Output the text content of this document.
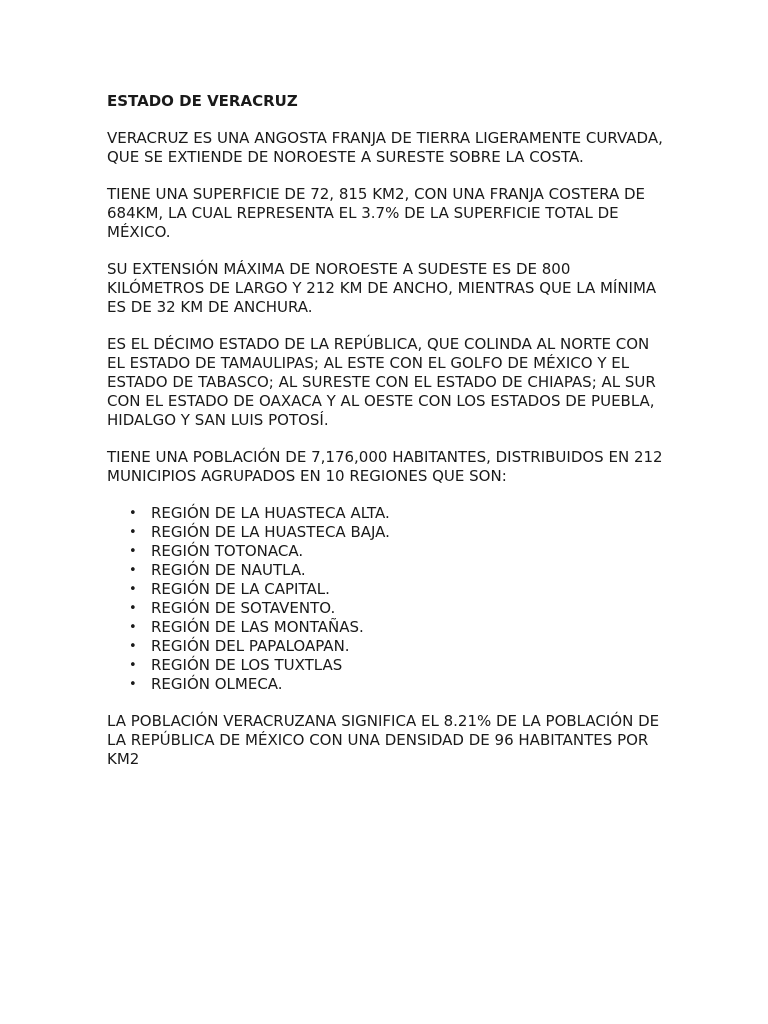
ESTADO DE VERACRUZ

VERACRUZ ES UNA ANGOSTA FRANJA DE TIERRA LIGERAMENTE CURVADA, QUE SE EXTIENDE DE NOROESTE A SURESTE SOBRE LA COSTA.

TIENE UNA SUPERFICIE DE 72, 815 KM2, CON UNA FRANJA COSTERA DE 684KM, LA CUAL REPRESENTA EL 3.7% DE LA SUPERFICIE TOTAL DE MÉXICO.

SU EXTENSIÓN MÁXIMA DE NOROESTE A SUDESTE ES DE 800 KILÓMETROS DE LARGO Y 212 KM DE ANCHO, MIENTRAS QUE LA MÍNIMA ES DE 32 KM DE ANCHURA.

ES EL DÉCIMO ESTADO DE LA REPÚBLICA, QUE COLINDA AL NORTE CON EL ESTADO DE TAMAULIPAS; AL ESTE CON EL GOLFO DE MÉXICO Y EL ESTADO DE TABASCO; AL SURESTE CON EL ESTADO DE CHIAPAS; AL SUR CON EL ESTADO DE OAXACA Y AL OESTE CON LOS ESTADOS DE PUEBLA, HIDALGO Y SAN LUIS POTOSÍ.

TIENE UNA POBLACIÓN DE 7,176,000 HABITANTES, DISTRIBUIDOS EN 212 MUNICIPIOS AGRUPADOS EN 10 REGIONES QUE SON:

• REGIÓN DE LA HUASTECA ALTA.
• REGIÓN DE LA HUASTECA BAJA.
• REGIÓN TOTONACA.
• REGIÓN DE NAUTLA.
• REGIÓN DE LA CAPITAL.
• REGIÓN DE SOTAVENTO.
• REGIÓN DE LAS MONTAÑAS.
• REGIÓN DEL PAPALOAPAN.
• REGIÓN DE LOS TUXTLAS
• REGIÓN OLMECA.

LA POBLACIÓN VERACRUZANA SIGNIFICA EL 8.21% DE LA POBLACIÓN DE LA REPÚBLICA DE MÉXICO CON UNA DENSIDAD DE 96 HABITANTES POR KM2
